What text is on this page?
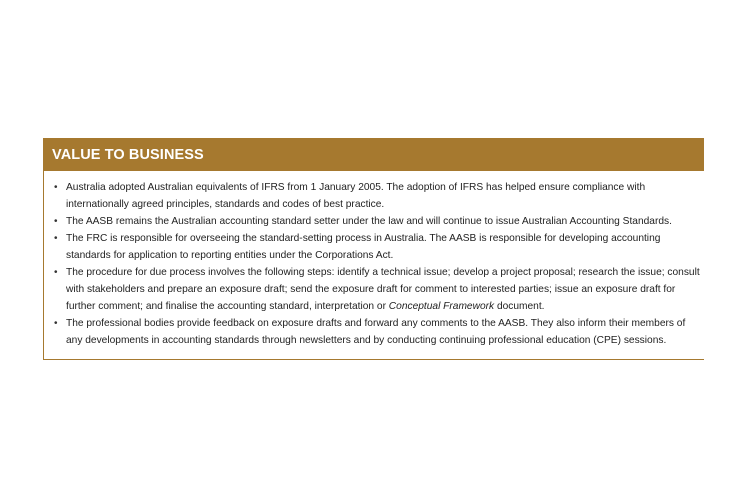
VALUE TO BUSINESS
• Australia adopted Australian equivalents of IFRS from 1 January 2005. The adoption of IFRS has helped ensure compliance with internationally agreed principles, standards and codes of best practice.
• The AASB remains the Australian accounting standard setter under the law and will continue to issue Australian Accounting Standards.
• The FRC is responsible for overseeing the standard-setting process in Australia. The AASB is responsible for developing accounting standards for application to reporting entities under the Corporations Act.
• The procedure for due process involves the following steps: identify a technical issue; develop a project proposal; research the issue; consult with stakeholders and prepare an exposure draft; send the exposure draft for comment to interested parties; issue an exposure draft for further comment; and finalise the accounting standard, interpretation or Conceptual Framework document.
• The professional bodies provide feedback on exposure drafts and forward any comments to the AASB. They also inform their members of any developments in accounting standards through newsletters and by conducting continuing professional education (CPE) sessions.
